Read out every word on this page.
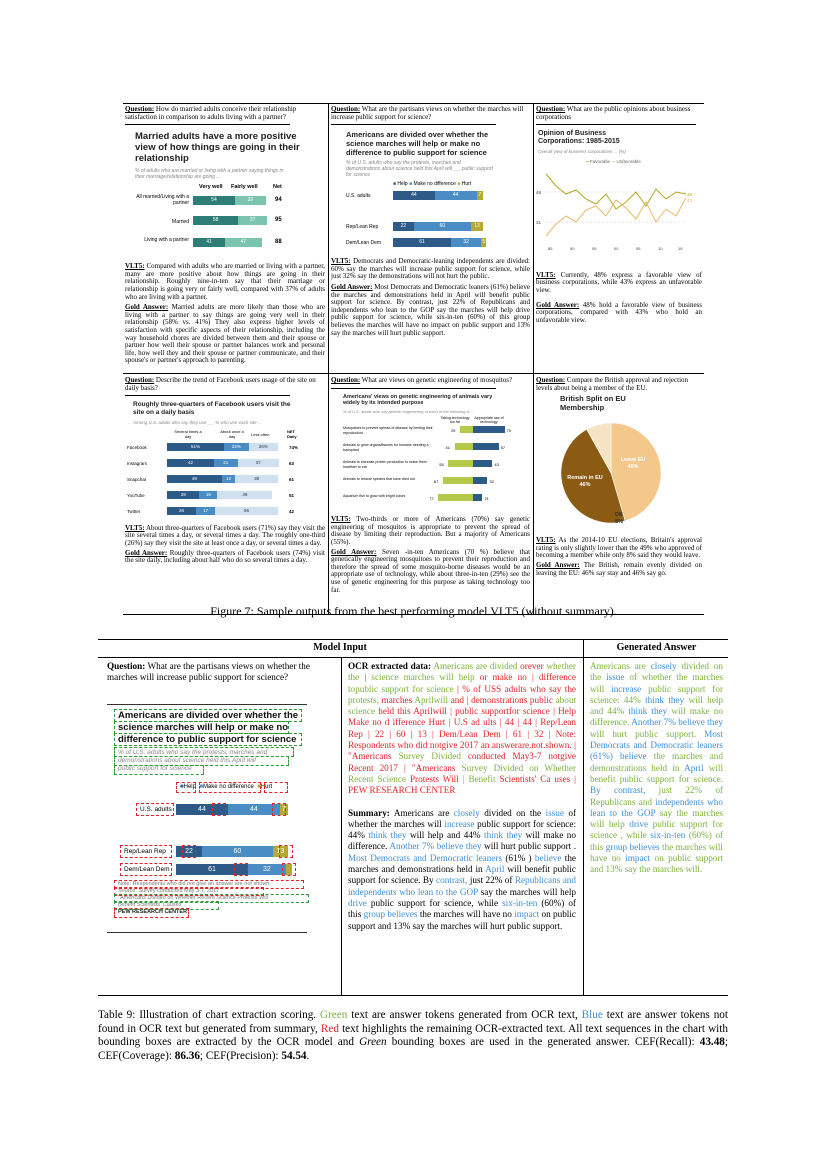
Question: How do married adults conceive their relationship satisfaction in comparison to adults living with a partner?
Married adults have a more positive view of how things are going in their relationship
% of adults who are married or living with a partner saying things in their marriage/relationship are going ...
Very well Fairly well	Net
All married/Living with a partner	54	39	94
Married	58	37	95
Living with a partner	41	47	88
VLT5: Compared with adults who are married or living with a partner, many are more positive about how things are going in their relationship. Roughly nine-in-ten say that their marriage or relationship is going very or fairly well, compared with 37% of adults who are living with a partner.
Gold Answer: Married adults are more likely than those who are living with a partner to say things are going very well in their relationship (58% vs. 41%) They also express higher levels of satisfaction with specific aspects of their relationship, including the way household chores are divided between them and their spouse or partner how well their spouse or partner balances work and personal life, how well they and their spouse or partner communicate, and their spouse's or partner's approach to parenting.
Question: What are the partisans views on whether the marches will increase public support for science?
Americans are divided over whether the science marches will help or make no difference to public support for science
% of U.S. adults who say the protests, marches and demonstrations about science held this April will___ public support for science
■ Help ■ Make no difference ■ Hurt
U.S. adults	44	44	7
Rep/Lean Rep	22	60	13
Dem/Lean Dem	61	32	5
VLT5: Democrats and Democratic-leaning independents are divided: 60% say the marches will increase public support for science, while just 32% say the demonstrations will not hurt the public.
Gold Answer: Most Democrats and Democratic leaners (61%) believe the marches and demonstrations held in April will benefit public support for science. By contrast, just 22% of Republicans and independents who lean to the GOP say the marches will help drive public support for science, while six-in-ten (60%) of this group believes the marches will have no impact on public support and 13% say the marches will hurt public support.
Question: What are the public opinions about business corporations
Opinion of Business Corporations: 1985-2015
Overall view of business corporations ... (%)
━ Favorable ━ Unfavorable
48
31
48
43
85	90	95	00	05	10	15
VLT5: Currently, 48% express a favorable view of business corporations, while 43% express an unfavorable view.
Gold Answer: 48% hold a favorable view of business corporations, compared with 43% who hold an unfavorable view.
Question: Describe the trend of Facebook users usage of the site on daily basis?
Roughly three-quarters of Facebook users visit the site on a daily basis
Among U.S. adults who say they use __, % who use each site ...
Several times a day
About once a day	Less often
NET Daily
Facebook	51%	22%	26%	74%
Instagram	42	21	37	63
Snapchat	49	12	38	61
YouTube	29	16	49	51
Twitter	26	17	56	42
VLT5: About three-quarters of Facebook users (71%) say they visit the site several times a day, or several times a day. The roughly one-third (26%) say they visit the site at least once a day, or several times a day.
Gold Answer: Roughly three-quarters of Facebook users (74%) visit the site daily, including about half who do so several times a day.
Question: What are views on genetic engineering of mosquitos?
Americans' views on genetic engineering of animals vary widely by its intended purpose
% of U.S. adults who say genetic engineering of each of the following is ...
Taking technology too far
Appropriate use of technology
Mosquitoes to prevent spread of disease by limiting their reproduction	29	70
Animals to grow organs/tissues for humans needing a transplant	41	57
Animals to increase protein production to make them healthier to eat	55	43
Animals to restore species that have died out	67	32
Aquarium fish to glow with bright colors	77	21
VLT5: Two-thirds or more of Americans (70%) say genetic engineering of mosquitos is appropriate to prevent the spread of disease by limiting their reproduction. But a majority of Americans (55%).
Gold Answer: Seven -in-ten Americans (70 %) believe that genetically engineering mosquitoes to prevent their reproduction and therefore the spread of some mosquito-borne diseases would be an appropriate use of technology, while about three-in-ten (29%) see the use of genetic engineering for this purpose as taking technology too far.
Question: Compare the British approval and rejection levels about being a member of the EU.
British Split on EU Membership
Leave EU
45%
Remain in EU
46%
DK
8%
VLT5: As the 2014-10 EU elections, Britain's approval rating is only slightly lower than the 49% who approved of becoming a member while only 8% said they would leave.
Gold Answer: The British, remain evenly divided on leaving the EU: 46% say stay and 46% say go.
Figure 7: Sample outputs from the best performing model VLT5 (without summary).
Model Input	Generated Answer
Question: What are the partisans views on whether the marches will increase public support for science?
Americans are divided over whether the
science marches will help or make no
difference to public support for science
% of U.S. adults who say the protests, marches and
demonstrations about science held this April will
public support for science
■Help ■Make no difference ■Hurt
U.S. adults	44	44	7
Rep/Lean Rep	22	60	13
Dem/Lean Dem	61	32
Note: Respondents who did not give an answer are not shown.
Source: Survey conducted May 3-7, 2017
"Americans Divided on Whether Recent Science Protests Will
Benefit Scientists' Causes"
PEW RESEARCH CENTER
OCR extracted data: Americans are divided orever whether the | science marches will help or make no | difference topublic support for science | % of USS adults who say the protests, marches Aprilwill and | demonstrations public about science held this Aprilwill | public supportfor science | Help Make no d ifference Hurt | U.S ad ults | 44 | 44 | Rep/Lean Rep | 22 | 60 | 13 | Dem/Lean Dem | 61 | 32 | Note: Respondents who did notgive 2017 an answerare.not.shown. | "Americans Survey Divided conducted May3-7 notgive Recent 2017 | "Americans Survey Divided on Whether Recent Science Protests Will | Benefit Scientists' Ca uses | PEW RESEARCH CENTER
Summary: Americans are closely divided on the issue of whether the marches will increase public support for science: 44% think they will help and 44% think they will make no difference. Another 7% believe they will hurt public support . Most Democrats and Democratic leaners (61% ) believe the marches and demonstrations held in April will benefit public support for science. By contrast, just 22% of Republicans and independents who lean to the GOP say the marches will help drive public support for science, while six-in-ten (60%) of this group believes the marches will have no impact on public support and 13% say the marches will hurt public support.
Americans are closely divided on the issue of whether the marches will increase public support for science: 44% think they will help and 44% think they will make no difference. Another 7% believe they will hurt public support. Most Democrats and Democratic leaners (61%) believe the marches and demonstrations held in April will benefit public support for science. By contrast, just 22% of Republicans and independents who lean to the GOP say the marches will help drive public support for science , while six-in-ten (60%) of this group believes the marches will have no impact on public support and 13% say the marches will.
Table 9: Illustration of chart extraction scoring. Green text are answer tokens generated from OCR text, Blue text are answer tokens not found in OCR text but generated from summary, Red text highlights the remaining OCR-extracted text. All text sequences in the chart with bounding boxes are extracted by the OCR model and Green bounding boxes are used in the generated answer. CEF(Recall): 43.48; CEF(Coverage): 86.36; CEF(Precision): 54.54.
